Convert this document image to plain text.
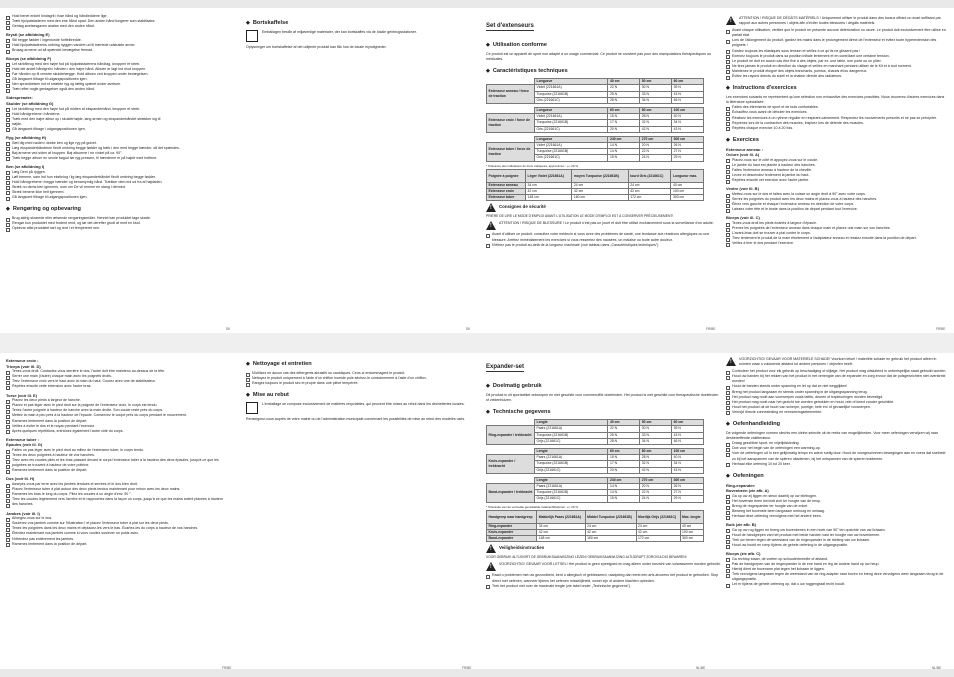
Hold benet enkelt hindsgrit i fuse hånd og håndleddene lige.
Træk hjulpatstaderen med den ene hånd opad. Den anden hånd fungerer som stabilisator.
Gentag øvelsesgaven analan med den anden hånd.

Brystl (se afbildning E)

Stil begge fødder i ingenlunde hofteibredde.
Hold hjulpatstaderens ordning nyggen vandret ud til trænede udstrakte armer.
Brusag armene ud så spændet bevægelse fremad.

Biceps (se afbildning F)

Let skridtbrug med den højre fod på hjulpatstaderens håndtag, knoppen et streb.
Hold det andet håndgreb i hånden i den højre hånd. Albuen er lagt ind mod kroppen.
Før hånden op til venstre skuldertægge. Hold albuen ved kroppen under bevægelsen.
Gå langsomt tilbage til udgangspositionen igen.
Nen sprambelsen ind et stræbte ryg og tættig spæret under øvelsen.
Træn efter nogle gentagelser også den anden hånd.

Sidespreader:

Skulder (se afbildning G)

Let skridtbrug med den højre fod på midten af ekspanderbånd, knoppen et streb.
Hold håndgrebene i hånderne.
Træk med den højre albue op i skulderhøjde, lang armen og ekspanderbåndet strækker sig til
højde.
Gå langsomt tilbage i udgangspositionen igen.

Ryg (se afbildning H)

Sæt dig med nøden i drøbe ben og lige ryg på gulvet.
Læg ekspanderbåndrene fleuft omkring begge fødder og træk i den med begge hænder, så det spændes.
Bøj armene ved siden af kroppen. Bøj albuerne i en vinkel på ca. 90°.
Træk begge albuer en smule bagud før ryg-pressen, til hænderne er på højde med hoftene.

Ben (se afbildning I)

Læg Dem på ryggen.
Løft benene, sam ind hun ekstlning i lig læg ekspanderbåndet fleuft omkring begge fødder.
Hold håndgrebene i begge hænder og benarnymlig hånd. Trækker dem ind ud fra af højdaden.
Stræk nu dems ben igennem, som om De vil remme en stang i dermed.
Stræk benene ikke helt igennem.
Gå langsomt tilbage til udgangspositionen igen.

◆ Rengøring og opbevaring

Brug aldrig skrarede eller ætsende rengøringsmidler. Hennet kan produktet tage skade.
Rengør kun produktet med fordent rend, og tør det derefter grudt af med en klud.
Opbevar altid produktet tørt og rent i et tempereret rum.
DK

◆ Bortskaffelse

Emballagen består af miljøvenlige materialer, der kan bortskaffes via de lokale genbrugsstationer.

Oplysninger om bortskaffelse af det udtjente produkt kan fås hos de lokale myndigheder.

DK
Set d'extenseurs

◆ Utilisation conforme

Ce produit est un appareil de sport non adapté à un usage commercial. Ce produit ne convient pas pour des manipulations thérapeutiques ou médicales.

◆ Caractéristiques techniques

	Longueur	40 cm	50 cm	60 cm
Extenseur anneau / force de traction	Violet (221661A)	22 N	30 N	39 N
	Turquoise (221661B)	25 N	33 N	43 N
	Gris (221661C)	28 N	34 N	46 N

	Longueur	60 cm	80 cm	100 cm
Extenseur croix / force de traction	Violet (221661A)	15 N	28 N	40 N
	Turquoise (221661B)	17 N	32 N	34 N
	Gris (221661C)	20 N	42 N	43 N

	Longueur	240 cm	270 cm	300 cm
Extenseur tuber / force de traction	Violet (221661A)	14 N	20 N	26 N
	Turquoise (221661B)	14 N	22 N	27 N
	Gris (221661C)	15 N	24 N	29 N

* Tolérance des indications de force indiquées, approxima.t.: +/- 20 %

Poignée à poignée	Léger Violet (221661A)	moyen Turquoise (221661B)	lourd Gris (221661C)	Longueur max.
Extenseur anneau	34 cm	24 cm	24 cm	40 cm
Extenseur croix	42 cm	42 cm	42 cm	100 cm
Extenseur tuber	148 cm	160 cm	172 cm	300 cm
!

Consignes de sécurité

PRIERE DE LIRE LE MODE D'EMPLOI AVANT L'UTILISATION LE MODE D'EMPLOI EST À CONSERVER PRÉCIEUSEMENT!

!

ATTENTION ! RISQUE DE BLESSURE ! Le produit n'est pas un jouet et doit être utilisé exclusivement sous la surveillance d'un adulte.

Avant d'utiliser ce produit, consultez votre médecin si vous avez des problèmes de santé, une tendance aux réactions allergiques ou une blessure. Arrêtez immédiatement les exercices si vous ressentez des nausées, un malaise ou toute autre douleur.
N'étirez pas le produit au-delà de la longueur maximale (voir tableau dans „Caractéristiques techniques").
FR/BE
!

ATTENTION ! RISQUE DE DÉGÂTS MATÉRIELS ! Uniquement utiliser le produit dans des locaux offrant un écart suffisant par rapport aux autres personnes / objets afin d'éviter toutes blessures / dégâts matériels.

Avant chaque utilisation, vérifiez que le produit ne présente aucune détérioration ou usure. Le produit doit exclusivement être utilisé en parfait état.
Lors de l'allongement du produit, gardez les mains dans le prolongement direct de l'extenseur et évitez toute hyperextension des poignets !
Gardez toujours les élastiques sous tension et veillez à ce qu'ils ne glissent pas !
Exercez toujours le produit dans sa position initiale lentement et en contrôlant une certaine tension.
Le produit ne doit en aucun cas être fixé à des objets, par ex. une table, une porte ou un pilier.
Ne tirez jamais le produit en direction du visage et veillez en marchant pendant utiliser de le Kit et à tout moment.
Maintenez le produit éloigné des objets tranchants, pointus, chauds et/ou dangereux.
Évitez les rayons directs du soleil et la chaleur directe des radiateurs.

◆ Instructions d'exercices

Les exercices suivants ne représentent qu'une sélection non exhaustive des exercices possibles. Nous trouverez d'autres exercices dans la littérature spécialisée.

Faites des étirements de sport et de buts confortables.
Échauffez-vous avant de débuter les exercices.
Réalisez les exercices à un rythme régulier en respirant calmement. Respectez les mouvements prescrits et ne pas se précipiter.
Reprenez lors de la contraction des muscles, inspirez lors de détente des muscles.
Répétez chaque exercice 10 à 20 fois.

◆ Exercices

Extenseur anneau :

Oclure (voir ill. A)

Placez-vous sur le côté et appuyez-vous sur le coude.
Le jambe du haut est placée à hauteur des hanches.
Faites l'extenseur anneau à hauteur de la cheville.
Levez et descendez lentement la jambe du haut.
Répétez ensuite cet exercice avec l'autre jambe.

Ventre (voir ill. B)

Mettez-vous sur le dos et faites avec la cuisse un angle droit à 90° avec votre corps.
Serrez les poignées du produit avec les deux mains et placez-vous à hauteur des hanches.
Étirez vers gauche et chaque l'extenseur anneau en direction de votre corps.
Laissez votre tête et le buste dans la position de départ pendant tout l'exercice.

Biceps (voir ill. C)

Tenez-vous droit les pieds écartés à largeur d'épaule.
Prenez les poignées de l'extenseur anneau dans chaque main et placez une main sur vos hanches.
L'avant-bras doit se trouver à plat contre le corps.
Tirez lentement le produit de la main étroitement à l'adaptateur anneau et ressiez ensuite dans la position de départ.
Veillez à tirer le dos pendant l'exercice.
FR/BE

Extenseur croix :

Triceps (voir ill. D)

Tenez-vous droit. Contactez-vous derrière le dos, l'autre doit être maintenu au-dessus de la tête.
Serrer une main (l'autre) chaque main avec les poignets droits.
Tirez l'extenseur croix vers le haut avec la main du haut. Courez avec une de stabilisateur.
Répétez ensuite cette extension avec l'autre bras.

Torse (voir ill. E)

Placez les deux pieds à largeur de hanche.
Placez et pas léger avec le pied droit sur la poignée de l'extenseur croix, le corps est tendu.
Tenez l'autre poignée à hauteur de hanche avec la main droite. Son coude reste près du corps.
Mettez la main à peu près à la hauteur de l'épaule. Conservez le coupe près du corps pendant le mouvement.
Ramenez lentement dans la position de départ.
Veillez à éviter le dos et le noyau pendant l'exercice.
Après quelques répétitions, entraînez également l'autre côté du corps.

Extenseur tuber :

Épaules (voir ill. G)

Faites un pas léger avec le pied droit au milieu de l'extenseur tuber, le corps tendu.
Tenez les deux poignées à hauteur de vos hanches.
Tirez avec les coudes pliés et les bras passant devant le corps l'extenseur tuber à la hauteur des deux épaules, jusqu'à ce que les
poignées se trouvent à hauteur de votre poitrine.
Ramenez lentement dans la position de départ.

Dos (voir ill. H)

Asseyez-vous par terre avec les jambes tendues et serrées et le dos bien droit.
Placez l'extenseur tuber à plat autour des deux pieds tendus maintenant pour mieux avec les deux mains.
Ramenez les bras le long du corps. Pliez les coudes à un angle d'env. 90 °.
Tirez les coudes légèrement vers l'arrière et le rapprochez dans la façon un corps, jusqu'à ce que les mains soient placées à hauteur
des hanches.

Jambes (voir ill. I)

Allongez-vous sur le dos.
Soulevez vos jambes comme sur l'illustration I et placez l'extenseur tuber à plat sur les deux pieds.
Tenez les poignées dans les deux mains et déplacez-les vers le bas. Écartez-les du corps à hauteur de vos hanches.
Étendez maintenant vos jambes comme si vous vouliez soulever un poids avec.
N'étendez pas entièrement les jambes.
Ramenez lentement dans la position de départ.
FR/BE

◆ Nettoyage et entretien

N'utilisez en aucun cas des détergents abrasifs ou caustiques. Ceux-ci endommagent le produit.
Nettoyez le produit uniquement à l'aide d'un chiffon humide puis séchez-le consciemment à l'aide d'un chiffon.
Rangez toujours le produit sec et propre dans une pièce tempérée.

◆ Mise au rebut

L'emballage se compose exclusivement de matières recyclables, qui peuvent être mises au rebut dans les déchetteries locales.

Renseignez-vous auprès de votre mairie ou de l'administration municipale concernant les possibilités de mise au rebut des modèles usés.

FR/BE
Expander-set

◆ Doelmatig gebruik

Dit product is uit sportartikel ontworpen en niet geschikt voor commerciële doeleinden. Het product is niet geschikt voor therapeutische doeleinden of ziekenhuizen.

◆ Technische gegevens

	Lengte	40 cm	50 cm	60 cm
Ring-expander / trekkracht	Paars (221661A)	22 N	30 N	39 N
	Turquoise (221661B)	25 N	33 N	43 N
	Grijs (221661C)	28 N	34 N	46 N

	Lengte	60 cm	80 cm	100 cm
Kruis-expander / trekkracht	Paars (221661A)	15 N	28 N	40 N
	Turquoise (221661B)	17 N	32 N	34 N
	Grijs (221661C)	20 N	42 N	43 N

	Lengte	240 cm	270 cm	300 cm
Band-expander / trekkracht	Paars (221661A)	14 N	20 N	26 N
	Turquoise (221661B)	14 N	22 N	27 N
	Grijs (221661C)	15 N	24 N	29 N

* Tolerantie van de vermelde gemiddelde trekkrachtfactoren: +/- 20 %

Handgreep naar handgreep	Makkelijk Paars (221661A)	Middel Turquoise (221661B)	Moeilijk Grijs (221661C)	Max. lengte
Ring-expander	34 cm	24 cm	24 cm	40 cm
Kruis-expander	42 cm	42 cm	42 cm	100 cm
Band-expander	148 cm	160 cm	172 cm	300 cm
!

Veiligheidsinstructies

VOOR GEBRUIK ALTIJDVIRT DE GEBRUIKSAANWIJZING LEZEN! GEBRUIKSAANWIJZING ALTIJDRIJPT ZORGVULDIG BEWAREN!

!

VOORZICHTIG! GEVAAR VOOR LETSEL! Het product is geen speelgoed en mag alleen onder toezicht van volwassenen worden gebruikt.

Raad u problemen met uw gezondheid, bent u allergisch of geblesseerd, raadpleeg dan eerst een arts alvorens het product te gebruiken. Stop direct met oefenen, wanneer tijdens het oefenen misselijkheid, onwel zijn of andere klachten optreden.
Trek het product niet over de maximale lengte (zie tabel onder „Technische gegevens").
NL/BE
!

VOORZICHTIG! GEVAAR VOOR MATERIËLE SCHADE! Voorkom letsel / materiële schade en gebruik het product alleen in ruimten waar u voldoende afstand tot andere personen / objecten heeft.

Controleer het product voor elk gebruik op beschadiging of slijtage. Het product mag uitsluitend in onberispelijke staat gebruikt worden.
Houd uw handen bij het rekken van het product in het verlengde van de expander en zorg ervoor dat de polsgewrichten niet overstrekt worden!
Houd de banden steeds onder spanning en let op dat ze niet wegglijden!
Breng het product langzaam en steeds onder spanning in de uitgangsspanning terug.
Het product mag nooit aan voorwerpen zoals tafels, deuren of trapleuningen worden bevestigd.
Het product mag nooit naar het gezicht toe worden getrokken en houd, rekt of knevt zonder geschikte.
Houd het product uit de buurt van scherpe, puntige, hete en/ of gevaarlijke voorwerpen.
Vermijd directe zonnestraling en verwarmingselementen.

◆ Oefenhandleiding

De volgende oefeningen vormen slechts een kleine selectie uit de reeks van mogelijkheden. Voor meer oefeningen verwijzen wij naar desbetreffende vakliteratuur.

Draag geschikte sport- en vrijetijdskleding.
Doe voor het begin van de oefeningen een warming-up.
Voer de oefeningen uit in een gelijkmatig tempo en adem rustig door. Houd de voorgeschreven bewegingen aan en voera dat snelheid zo bij het aanspannen van de spieren uitademen, bij het ontspannen van de spieren inademen.
Herhaal elke oefening 10 tot 20 keer.

◆ Oefeningen

Ring-expander:

Bovenbeen (zie afb. A)

Ga op uw zij liggen en steun daarbij op uw ellebogen.
Het bovenste been bevindt zich ter hoogte van de heup.
Breng de ringexpander ter hoogte van de enkel.
Beweeg het bovenste been langzaam omhoog en omlaag.
Herhaal deze oefening vervolgens met het andere been.

Buik (zie afb. B)

Ga op uw rug liggen en breng uw bovenbenen in een hoek van 90° ten opzichte van uw lichaam.
Houd de handgrepen van het product met beide handen vast ter hoogte van uw bovenbenen.
Trek uw benen tegen de weerstand van de ringexpander in de richting van uw lichaam.
Houd uw hoofd en romp tijdens de gehele oefening in de uitgangspositie.

Biceps (zie afb. C)

Ga rechtop staan, de voeten op schouderbreedte of afstand.
Pak de handgrepen van de ringexpander in de ene hand en leg de andere hand op uw heup.
Hierbij dient de bovenarm plat tegen het lichaam te liggen.
Trek vervolgens langzaam tegen de weerstand van de ring-adapter naar boven en breng deze vervolgens weer langzaam terug in de uitgangspositie.
Let er tijdens de gehele oefening op, dat u uw ruggengraat recht houdt.
NL/BE
